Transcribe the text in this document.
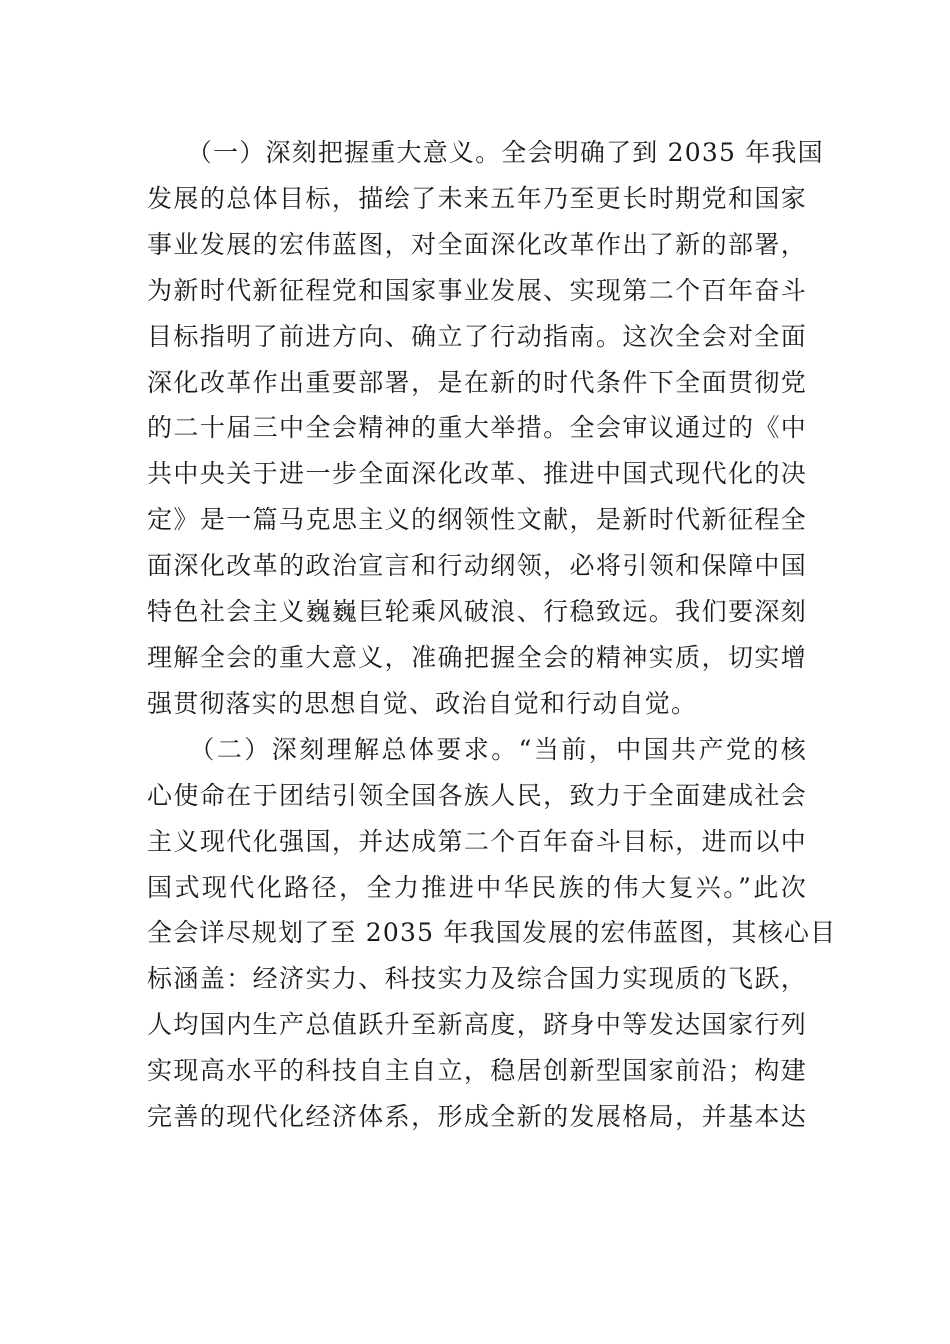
　　（一）深刻把握重大意义。全会明确了到 2035 年我国
发展的总体目标，描绘了未来五年乃至更长时期党和国家
事业发展的宏伟蓝图，对全面深化改革作出了新的部署，
为新时代新征程党和国家事业发展、实现第二个百年奋斗
目标指明了前进方向、确立了行动指南。这次全会对全面
深化改革作出重要部署，是在新的时代条件下全面贯彻党
的二十届三中全会精神的重大举措。全会审议通过的《中
共中央关于进一步全面深化改革、推进中国式现代化的决
定》是一篇马克思主义的纲领性文献，是新时代新征程全
面深化改革的政治宣言和行动纲领，必将引领和保障中国
特色社会主义巍巍巨轮乘风破浪、行稳致远。我们要深刻
理解全会的重大意义，准确把握全会的精神实质，切实增
强贯彻落实的思想自觉、政治自觉和行动自觉。
　　（二）深刻理解总体要求。“当前，中国共产党的核
心使命在于团结引领全国各族人民，致力于全面建成社会
主义现代化强国，并达成第二个百年奋斗目标，进而以中
国式现代化路径，全力推进中华民族的伟大复兴。”此次
全会详尽规划了至 2035 年我国发展的宏伟蓝图，其核心目
标涵盖：经济实力、科技实力及综合国力实现质的飞跃，
人均国内生产总值跃升至新高度，跻身中等发达国家行列
实现高水平的科技自主自立，稳居创新型国家前沿；构建
完善的现代化经济体系，形成全新的发展格局，并基本达
